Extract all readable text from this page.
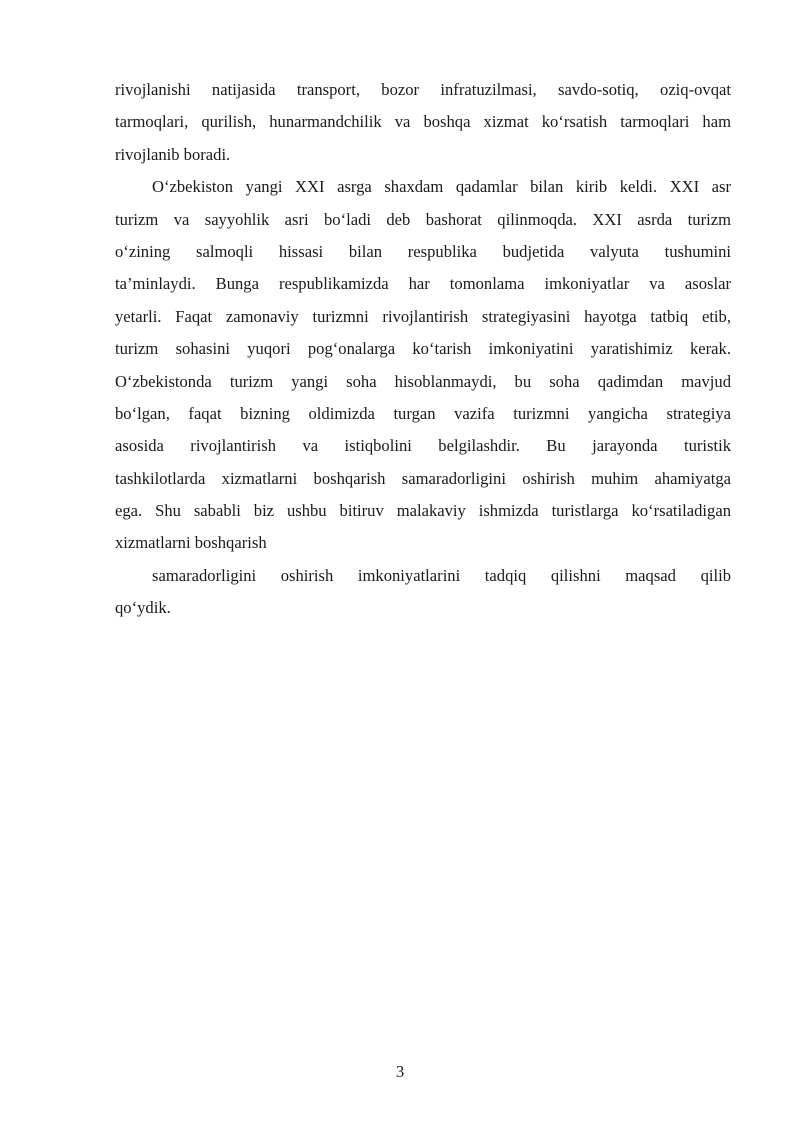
rivojlanishi natijasida transport, bozor infratuzilmasi, savdo-sotiq, oziq-ovqat
tarmoqlari, qurilish, hunarmandchilik va boshqa xizmat ko‘rsatish tarmoqlari ham
rivojlanib boradi.
O‘zbekiston yangi XXI asrga shaxdam qadamlar bilan kirib keldi. XXI asr
turizm va sayyohlik asri bo‘ladi deb bashorat qilinmoqda. XXI asrda turizm
o‘zining salmoqli hissasi bilan respublika budjetida valyuta tushumini
ta’minlaydi. Bunga respublikamizda har tomonlama imkoniyatlar va asoslar
yetarli. Faqat zamonaviy turizmni rivojlantirish strategiyasini hayotga tatbiq etib,
turizm sohasini yuqori pog‘onalarga ko‘tarish imkoniyatini yaratishimiz kerak.
O‘zbekistonda turizm yangi soha hisoblanmaydi, bu soha qadimdan mavjud
bo‘lgan, faqat bizning oldimizda turgan vazifa turizmni yangicha strategiya
asosida rivojlantirish va istiqbolini belgilashdir. Bu jarayonda turistik
tashkilotlarda xizmatlarni boshqarish samaradorligini oshirish muhim ahamiyatga
ega. Shu sababli biz ushbu bitiruv malakaviy ishmizda turistlarga ko‘rsatiladigan
xizmatlarni boshqarish
samaradorligini oshirish imkoniyatlarini tadqiq qilishni maqsad qilib
qo‘ydik.
3
